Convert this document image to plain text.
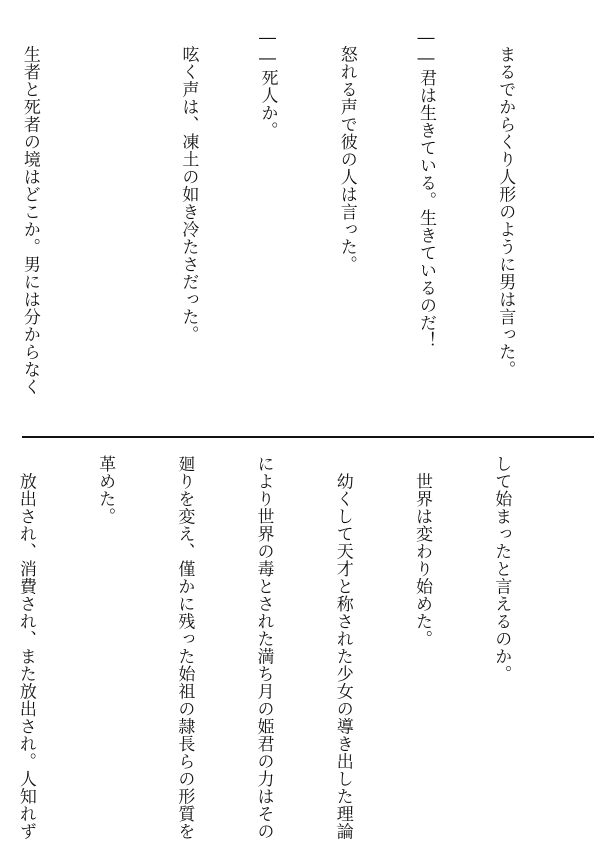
　まるでからくり人形のように男は言った。

――君は生きている。生きているのだ！

　怒れる声で彼の人は言った。

――死人か。

　呟く声は、凍土の如き冷たさだった。

　生者と死者の境はどこか。男には分からなく

して始まったと言えるのか。

　世界は変わり始めた。

　幼くして天才と称された少女の導き出した理論

により世界の毒とされた満ち月の姫君の力はその

廻りを変え、僅かに残った始祖の隷長らの形質を

革めた。

　放出され、消費され、また放出され。人知れず
